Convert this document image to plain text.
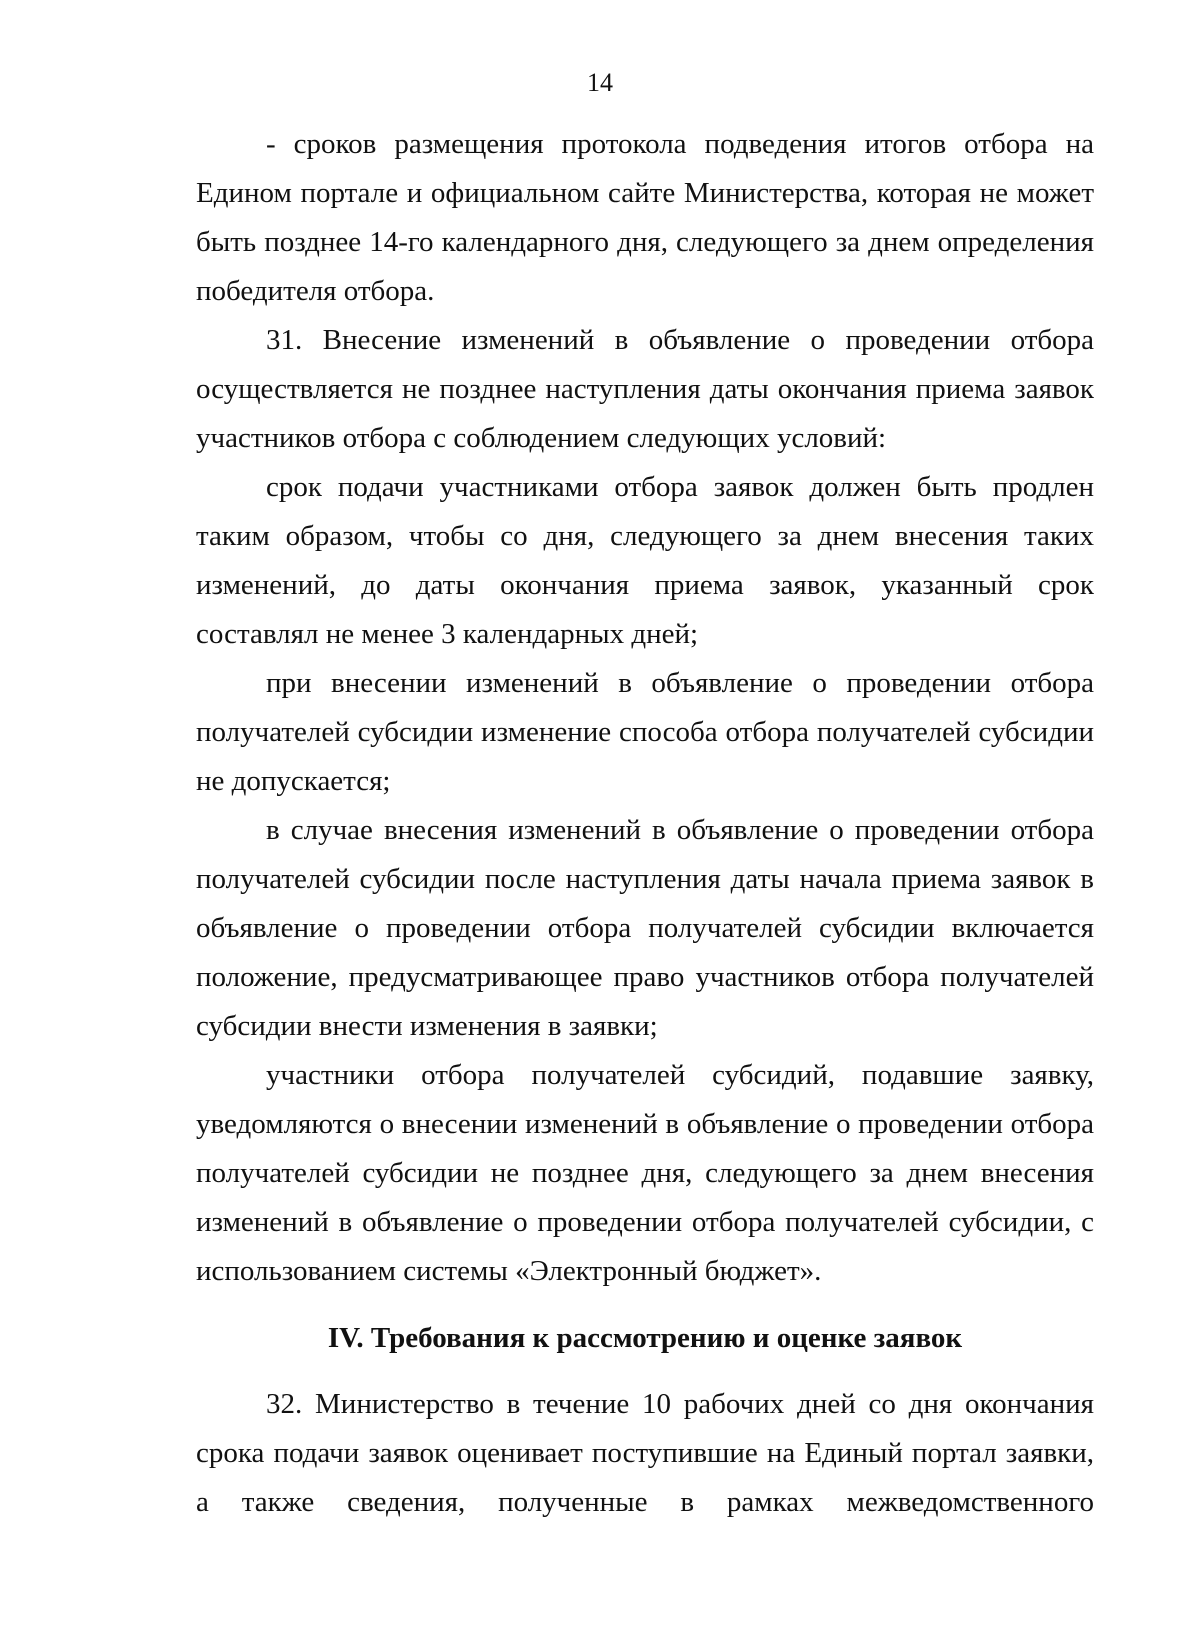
14

- сроков размещения протокола подведения итогов отбора на Едином портале и официальном сайте Министерства, которая не может быть позднее 14-го календарного дня, следующего за днем определения победителя отбора.

31. Внесение изменений в объявление о проведении отбора осуществляется не позднее наступления даты окончания приема заявок участников отбора с соблюдением следующих условий:

срок подачи участниками отбора заявок должен быть продлен таким образом, чтобы со дня, следующего за днем внесения таких изменений, до даты окончания приема заявок, указанный срок составлял не менее 3 календарных дней;

при внесении изменений в объявление о проведении отбора получателей субсидии изменение способа отбора получателей субсидии не допускается;

в случае внесения изменений в объявление о проведении отбора получателей субсидии после наступления даты начала приема заявок в объявление о проведении отбора получателей субсидии включается положение, предусматривающее право участников отбора получателей субсидии внести изменения в заявки;

участники отбора получателей субсидий, подавшие заявку, уведомляются о внесении изменений в объявление о проведении отбора получателей субсидии не позднее дня, следующего за днем внесения изменений в объявление о проведении отбора получателей субсидии, с использованием системы «Электронный бюджет».

IV. Требования к рассмотрению и оценке заявок

32. Министерство в течение 10 рабочих дней со дня окончания срока подачи заявок оценивает поступившие на Единый портал заявки, а также сведения, полученные в рамках межведомственного
